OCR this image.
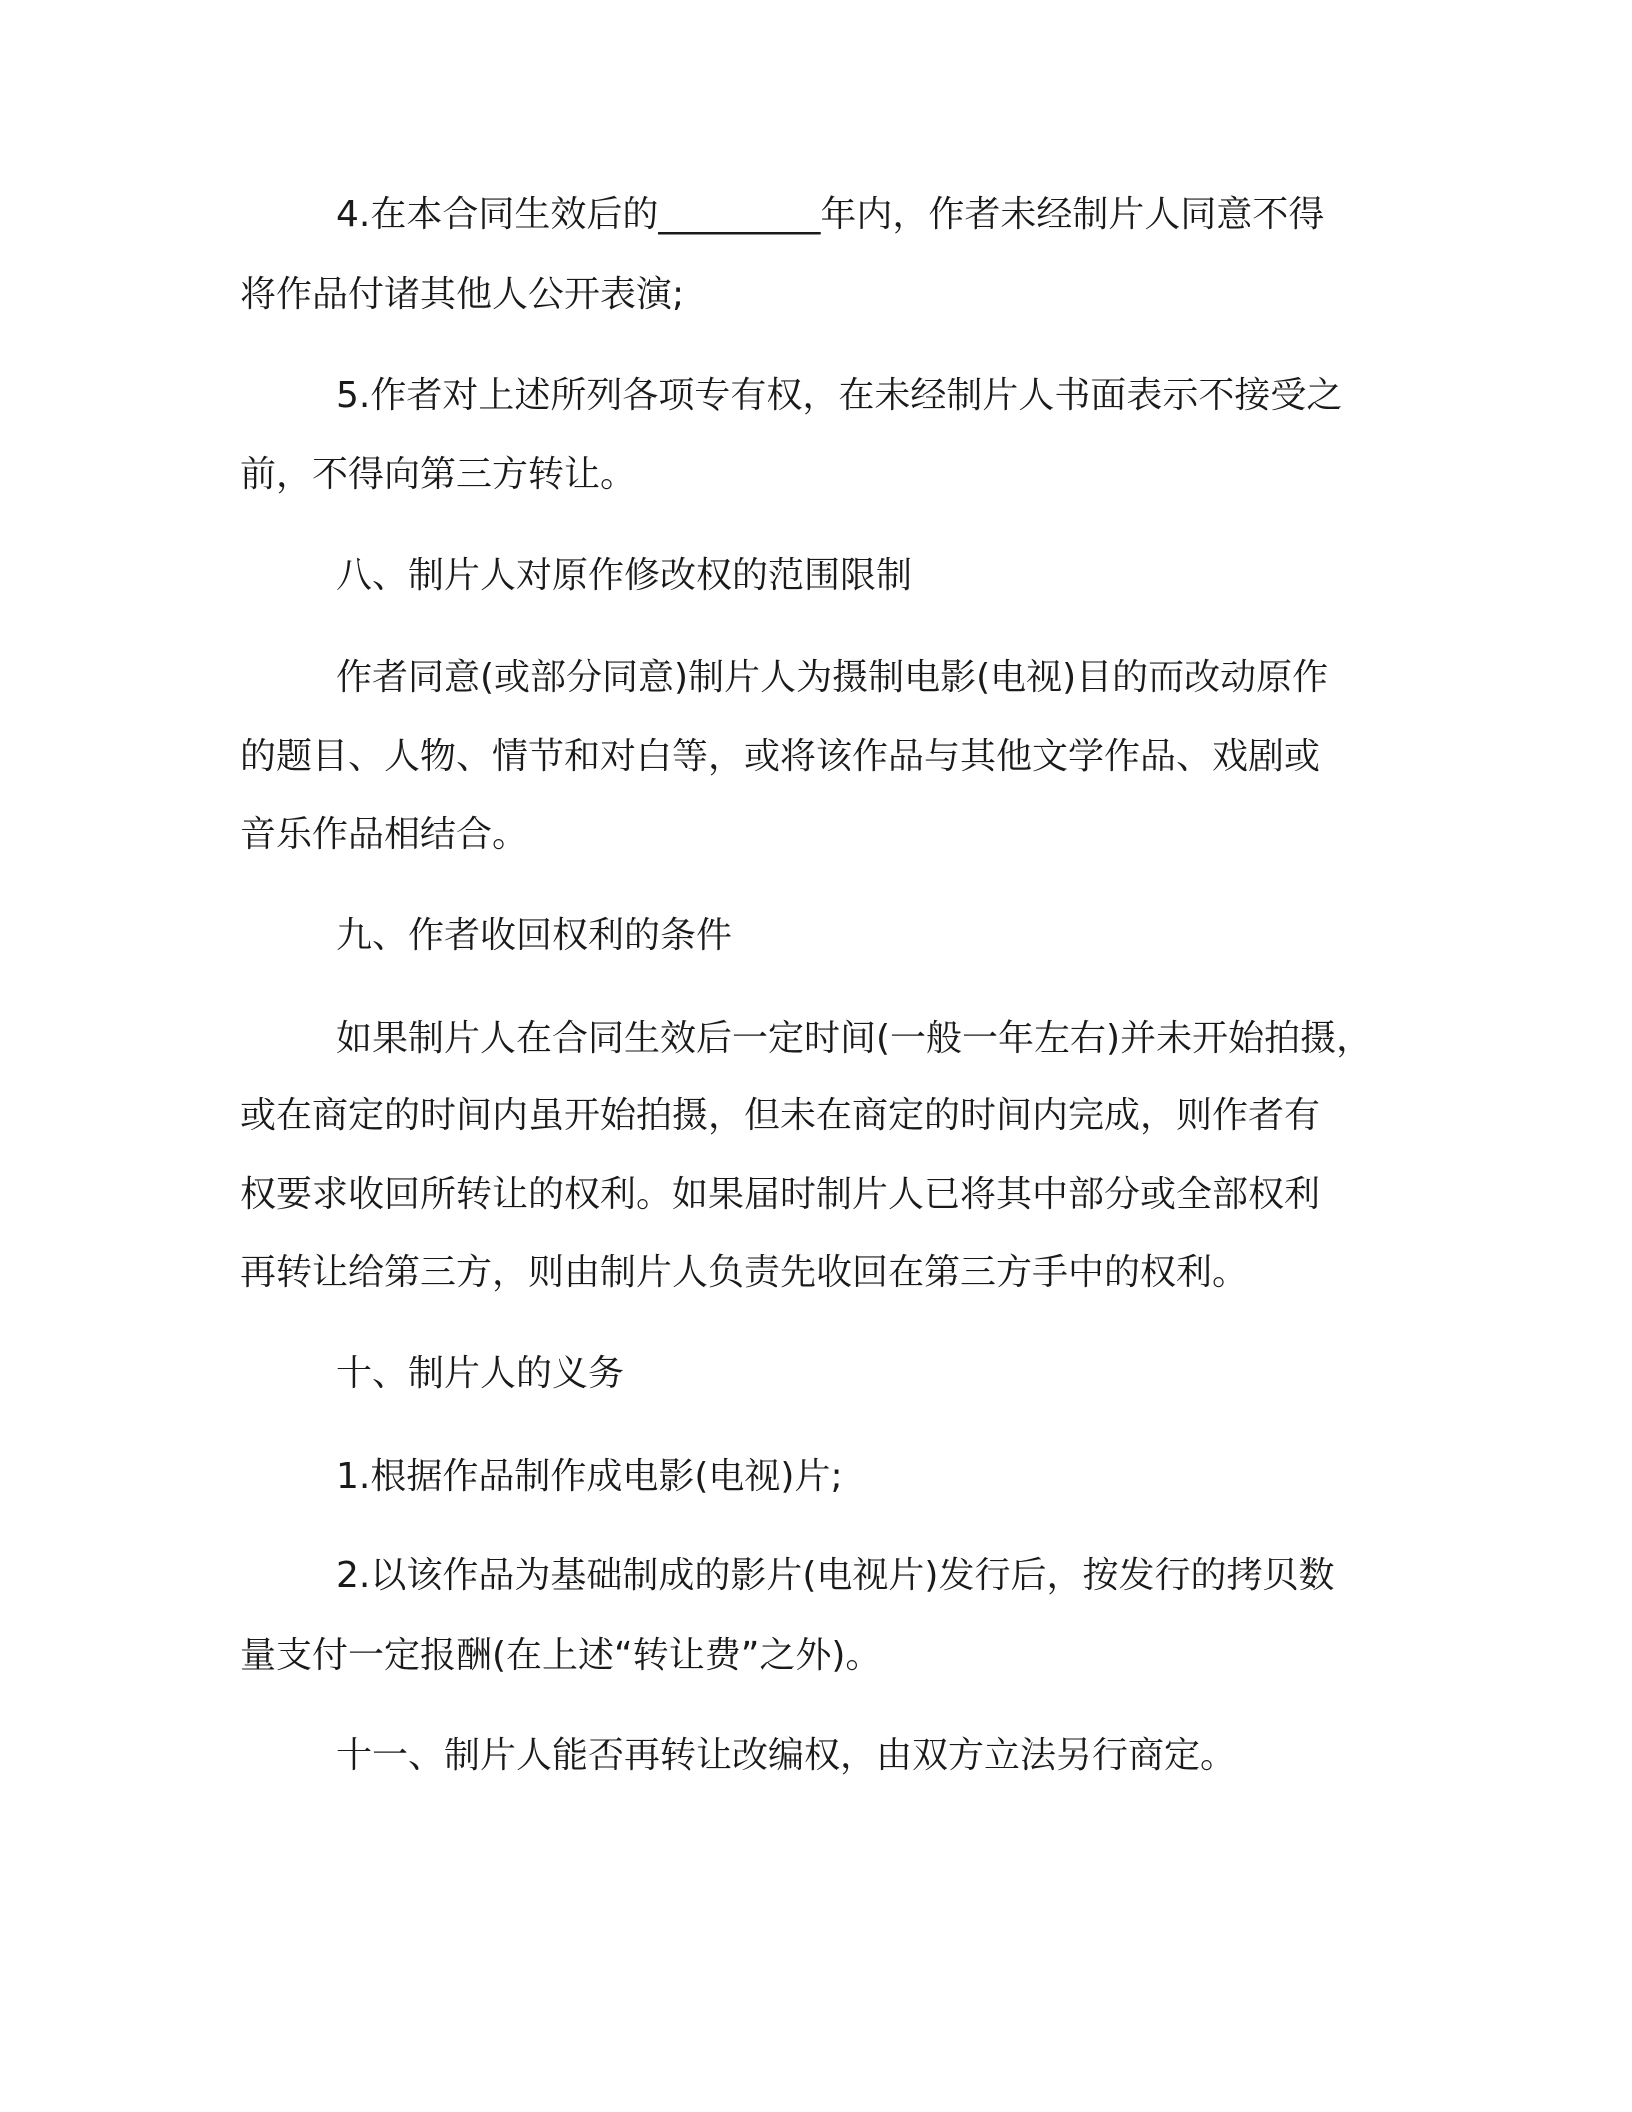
4.在本合同生效后的_________年内，作者未经制片人同意不得
将作品付诸其他人公开表演;
5.作者对上述所列各项专有权，在未经制片人书面表示不接受之
前，不得向第三方转让。
八、制片人对原作修改权的范围限制
作者同意(或部分同意)制片人为摄制电影(电视)目的而改动原作
的题目、人物、情节和对白等，或将该作品与其他文学作品、戏剧或
音乐作品相结合。
九、作者收回权利的条件
如果制片人在合同生效后一定时间(一般一年左右)并未开始拍摄，
或在商定的时间内虽开始拍摄，但未在商定的时间内完成，则作者有
权要求收回所转让的权利。如果届时制片人已将其中部分或全部权利
再转让给第三方，则由制片人负责先收回在第三方手中的权利。
十、制片人的义务
1.根据作品制作成电影(电视)片;
2.以该作品为基础制成的影片(电视片)发行后，按发行的拷贝数
量支付一定报酬(在上述“转让费”之外)。
十一、制片人能否再转让改编权，由双方立法另行商定。
